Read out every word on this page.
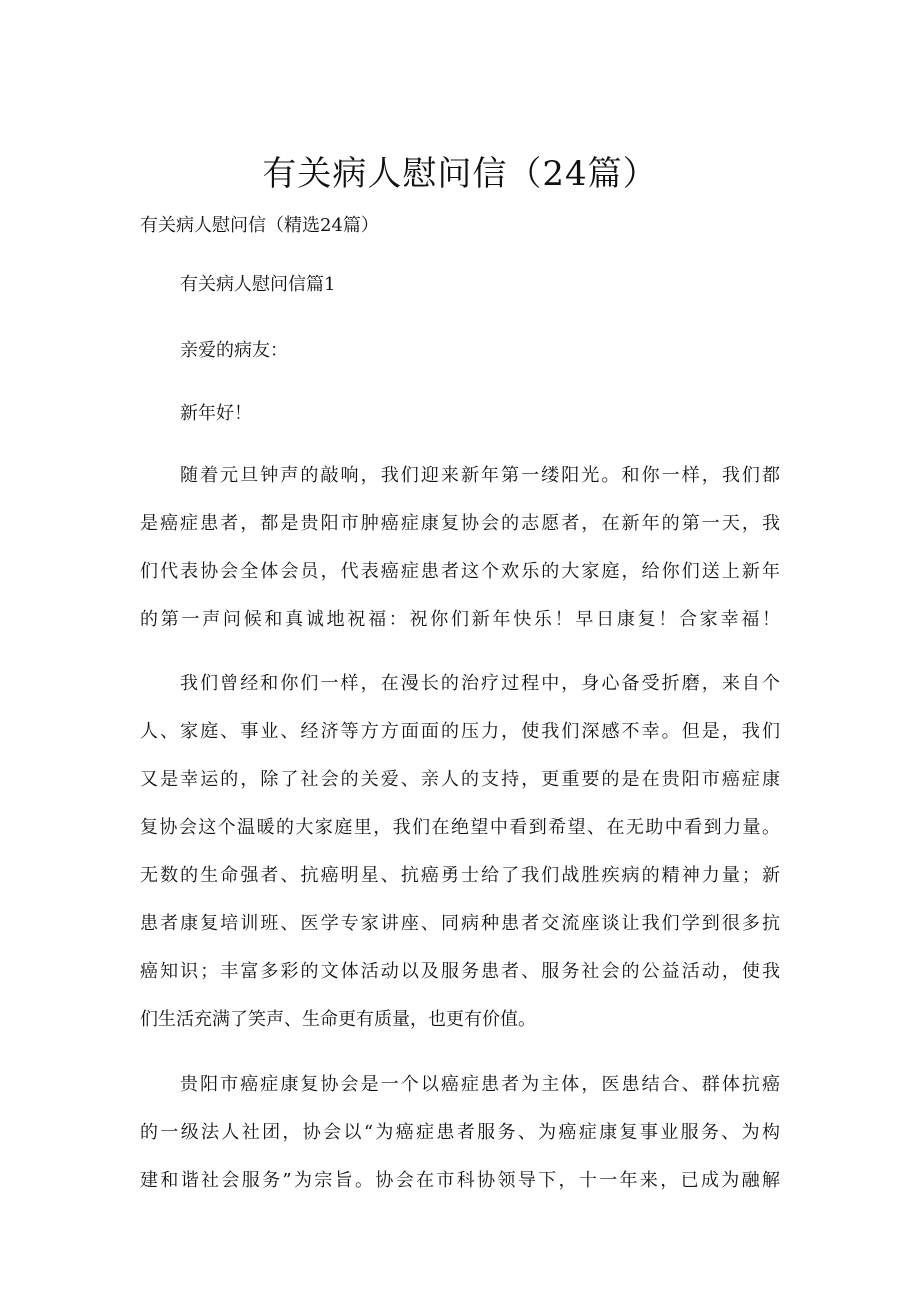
有关病人慰问信（24篇）

有关病人慰问信（精选24篇）

有关病人慰问信篇1

亲爱的病友：

新年好！

随着元旦钟声的敲响，我们迎来新年第一缕阳光。和你一样，我们都
是癌症患者，都是贵阳市肿癌症康复协会的志愿者，在新年的第一天，我
们代表协会全体会员，代表癌症患者这个欢乐的大家庭，给你们送上新年
的第一声问候和真诚地祝福：祝你们新年快乐！早日康复！合家幸福！
我们曾经和你们一样，在漫长的治疗过程中，身心备受折磨，来自个
人、家庭、事业、经济等方方面面的压力，使我们深感不幸。但是，我们
又是幸运的，除了社会的关爱、亲人的支持，更重要的是在贵阳市癌症康
复协会这个温暖的大家庭里，我们在绝望中看到希望、在无助中看到力量。
无数的生命强者、抗癌明星、抗癌勇士给了我们战胜疾病的精神力量；新
患者康复培训班、医学专家讲座、同病种患者交流座谈让我们学到很多抗
癌知识；丰富多彩的文体活动以及服务患者、服务社会的公益活动，使我
们生活充满了笑声、生命更有质量，也更有价值。
贵阳市癌症康复协会是一个以癌症患者为主体，医患结合、群体抗癌
的一级法人社团，协会以“为癌症患者服务、为癌症康复事业服务、为构
建和谐社会服务”为宗旨。协会在市科协领导下，十一年来，已成为融解
